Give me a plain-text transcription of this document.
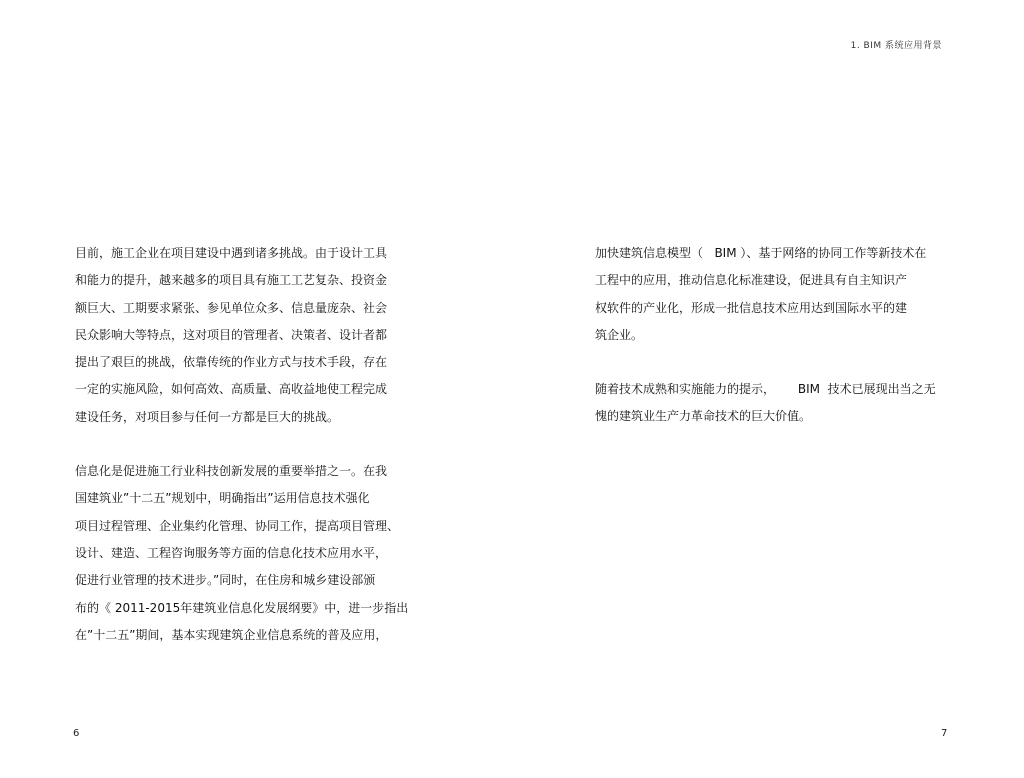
1. BIM 系统应用背景
目前，施工企业在项目建设中遇到诸多挑战。由于设计工具
和能力的提升，越来越多的项目具有施工工艺复杂、投资金
额巨大、工期要求紧张、参见单位众多、信息量庞杂、社会
民众影响大等特点，这对项目的管理者、决策者、设计者都
提出了艰巨的挑战，依靠传统的作业方式与技术手段，存在
一定的实施风险，如何高效、高质量、高收益地使工程完成
建设任务，对项目参与任何一方都是巨大的挑战。
信息化是促进施工行业科技创新发展的重要举措之一。在我
国建筑业”十二五”规划中，明确指出”运用信息技术强化
项目过程管理、企业集约化管理、协同工作，提高项目管理、
设计、建造、工程咨询服务等方面的信息化技术应用水平，
促进行业管理的技术进步。”同时，在住房和城乡建设部颁
布的《 2011-2015年建筑业信息化发展纲要》中，进一步指出
在”十二五”期间，基本实现建筑企业信息系统的普及应用，
加快建筑信息模型（   BIM ）、基于网络的协同工作等新技术在
工程中的应用，推动信息化标准建设，促进具有自主知识产
权软件的产业化，形成一批信息技术应用达到国际水平的建
筑企业。
随着技术成熟和实施能力的提示，      BIM  技术已展现出当之无
愧的建筑业生产力革命技术的巨大价值。
6	7
